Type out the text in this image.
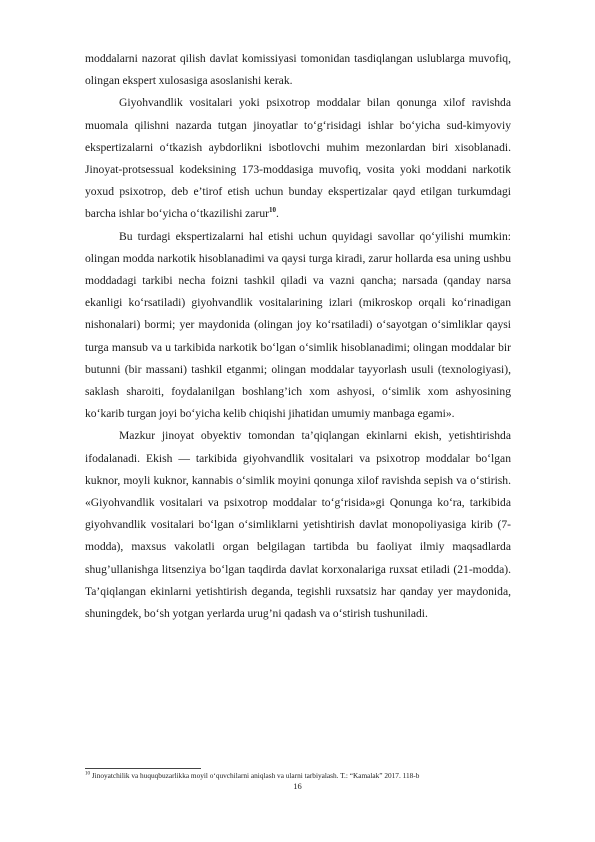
moddalarni nazorat qilish davlat komissiyasi tomonidan tasdiqlangan uslublarga muvofiq, olingan ekspert xulosasiga asoslanishi kerak.

Giyohvandlik vositalari yoki psixotrop moddalar bilan qonunga xilof ravishda muomala qilishni nazarda tutgan jinoyatlar to‘g‘risidagi ishlar bo‘yicha sud-kimyoviy ekspertizalarni o‘tkazish aybdorlikni isbotlovchi muhim mezonlardan biri xisoblanadi. Jinoyat-protsessual kodeksining 173-moddasiga muvofiq, vosita yoki moddani narkotik yoxud psixotrop, deb e’tirof etish uchun bunday ekspertizalar qayd etilgan turkumdagi barcha ishlar bo‘yicha o‘tkazilishi zarur$^{10}$.

Bu turdagi ekspertizalarni hal etishi uchun quyidagi savollar qo‘yilishi mumkin: olingan modda narkotik hisoblanadimi va qaysi turga kiradi, zarur hollarda esa uning ushbu moddadagi tarkibi necha foizni tashkil qiladi va vazni qancha; narsada (qanday narsa ekanligi ko‘rsatiladi) giyohvandlik vositalarining izlari (mikroskop orqali ko‘rinadigan nishonalari) bormi; yer maydonida (olingan joy ko‘rsatiladi) o‘sayotgan o‘simliklar qaysi turga mansub va u tarkibida narkotik bo‘lgan o‘simlik hisoblanadimi; olingan moddalar bir butunni (bir massani) tashkil etganmi; olingan moddalar tayyorlash usuli (texnologiyasi), saklash sharoiti, foydalanilgan boshlang’ich xom ashyosi, o‘simlik xom ashyosining ko‘karib turgan joyi bo‘yicha kelib chiqishi jihatidan umumiy manbaga egami».

Mazkur jinoyat obyektiv tomondan ta’qiqlangan ekinlarni ekish, yetishtirishda ifodalanadi. Ekish — tarkibida giyohvandlik vositalari va psixotrop moddalar bo‘lgan kuknor, moyli kuknor, kannabis o‘simlik moyini qonunga xilof ravishda sepish va o‘stirish. «Giyohvandlik vositalari va psixotrop moddalar to‘g‘risida»gi Qonunga ko‘ra, tarkibida giyohvandlik vositalari bo‘lgan o‘simliklarni yetishtirish davlat monopoliyasiga kirib (7-modda), maxsus vakolatli organ belgilagan tartibda bu faoliyat ilmiy maqsadlarda shug’ullanishga litsenziya bo‘lgan taqdirda davlat korxonalariga ruxsat etiladi (21-modda). Ta’qiqlangan ekinlarni yetishtirish deganda, tegishli ruxsatsiz har qanday yer maydonida, shuningdek, bo‘sh yotgan yerlarda urug’ni qadash va o‘stirish tushuniladi.

$^{10}$ Jinoyatchilik va huquqbuzarlikka moyil o‘quvchilarni aniqlash va ularni tarbiyalash. T.: “Kamalak” 2017. 118-b
16
